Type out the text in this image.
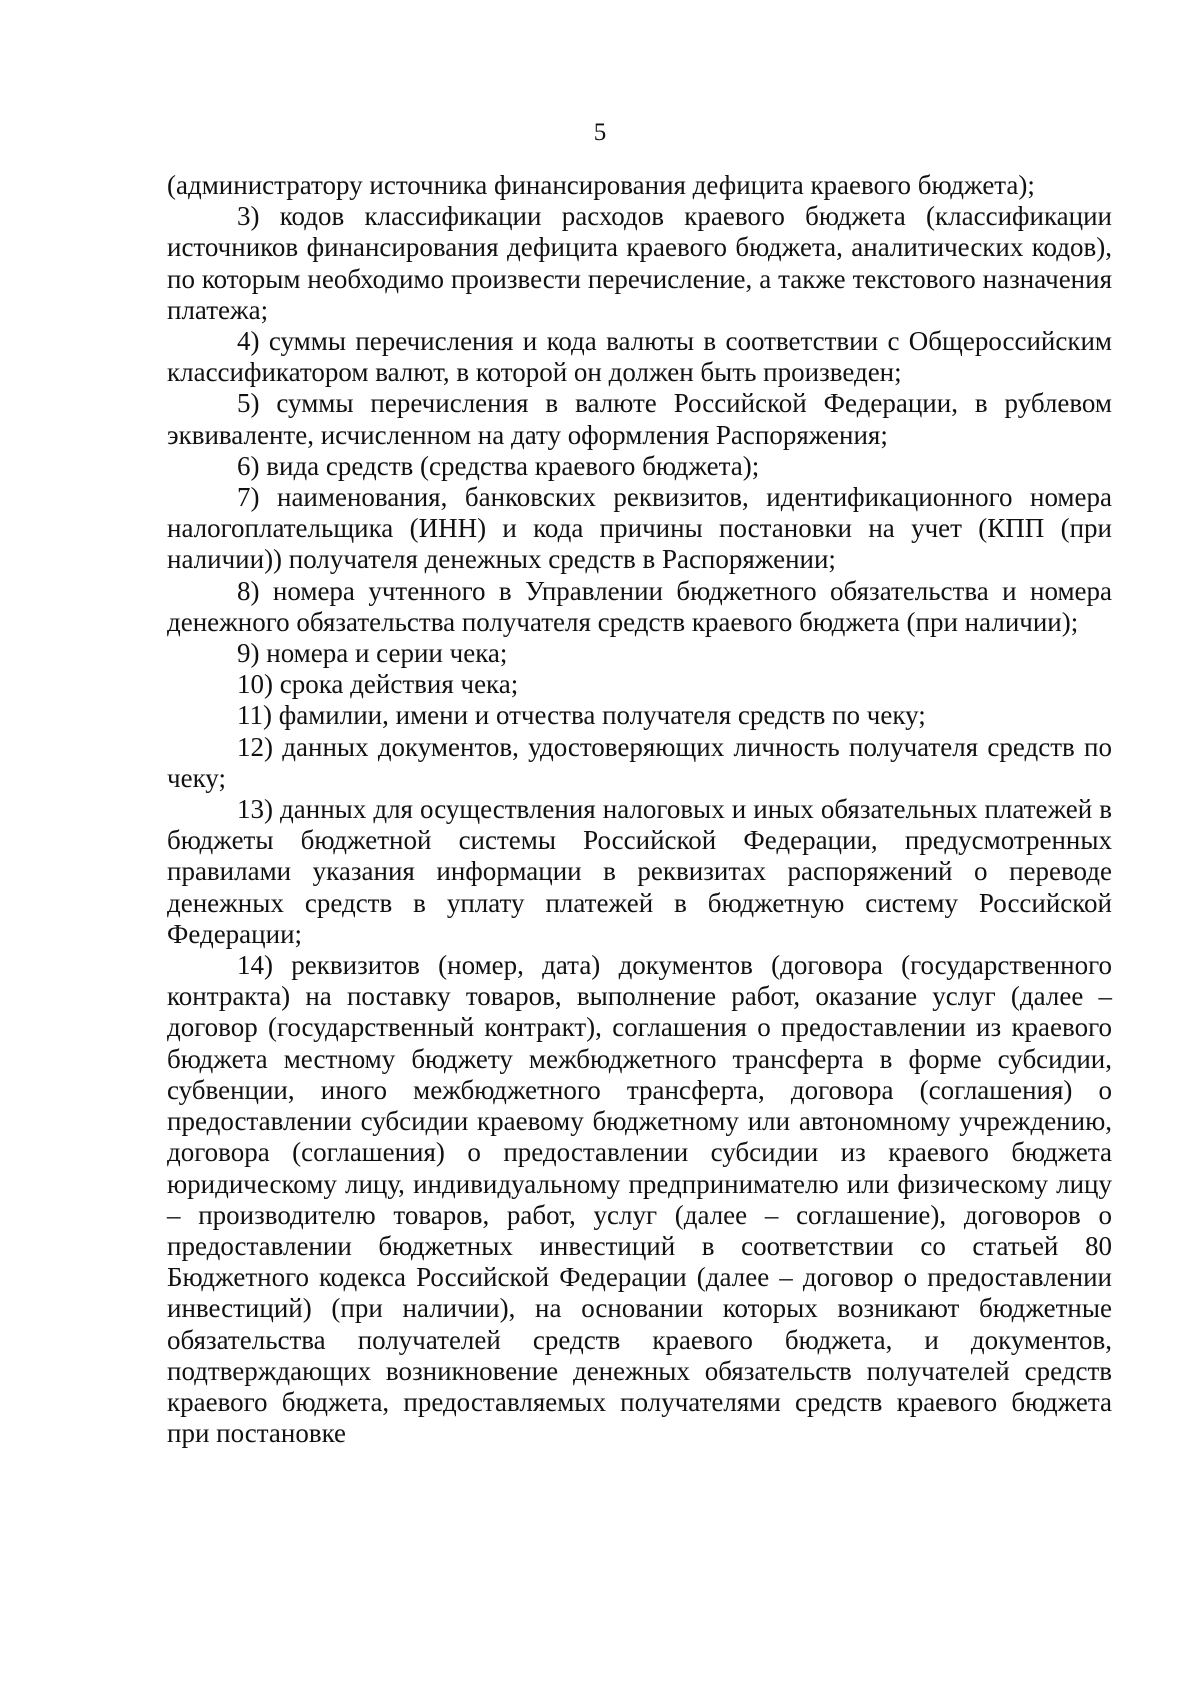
5

(администратору источника финансирования дефицита краевого бюджета);

3) кодов классификации расходов краевого бюджета (классификации источников финансирования дефицита краевого бюджета, аналитических кодов), по которым необходимо произвести перечисление, а также текстового назначения платежа;

4) суммы перечисления и кода валюты в соответствии с Общероссийским классификатором валют, в которой он должен быть произведен;

5) суммы перечисления в валюте Российской Федерации, в рублевом эквиваленте, исчисленном на дату оформления Распоряжения;

6) вида средств (средства краевого бюджета);

7) наименования, банковских реквизитов, идентификационного номера налогоплательщика (ИНН) и кода причины постановки на учет (КПП (при наличии)) получателя денежных средств в Распоряжении;

8) номера учтенного в Управлении бюджетного обязательства и номера денежного обязательства получателя средств краевого бюджета (при наличии);

9) номера и серии чека;

10) срока действия чека;

11) фамилии, имени и отчества получателя средств по чеку;

12) данных документов, удостоверяющих личность получателя средств по чеку;

13) данных для осуществления налоговых и иных обязательных платежей в бюджеты бюджетной системы Российской Федерации, предусмотренных правилами указания информации в реквизитах распоряжений о переводе денежных средств в уплату платежей в бюджетную систему Российской Федерации;

14) реквизитов (номер, дата) документов (договора (государственного контракта) на поставку товаров, выполнение работ, оказание услуг (далее – договор (государственный контракт), соглашения о предоставлении из краевого бюджета местному бюджету межбюджетного трансферта в форме субсидии, субвенции, иного межбюджетного трансферта, договора (соглашения) о предоставлении субсидии краевому бюджетному или автономному учреждению, договора (соглашения) о предоставлении субсидии из краевого бюджета юридическому лицу, индивидуальному предпринимателю или физическому лицу – производителю товаров, работ, услуг (далее – соглашение), договоров о предоставлении бюджетных инвестиций в соответствии со статьей 80 Бюджетного кодекса Российской Федерации (далее – договор о предоставлении инвестиций) (при наличии), на основании которых возникают бюджетные обязательства получателей средств краевого бюджета, и документов, подтверждающих возникновение денежных обязательств получателей средств краевого бюджета, предоставляемых получателями средств краевого бюджета при постановке
